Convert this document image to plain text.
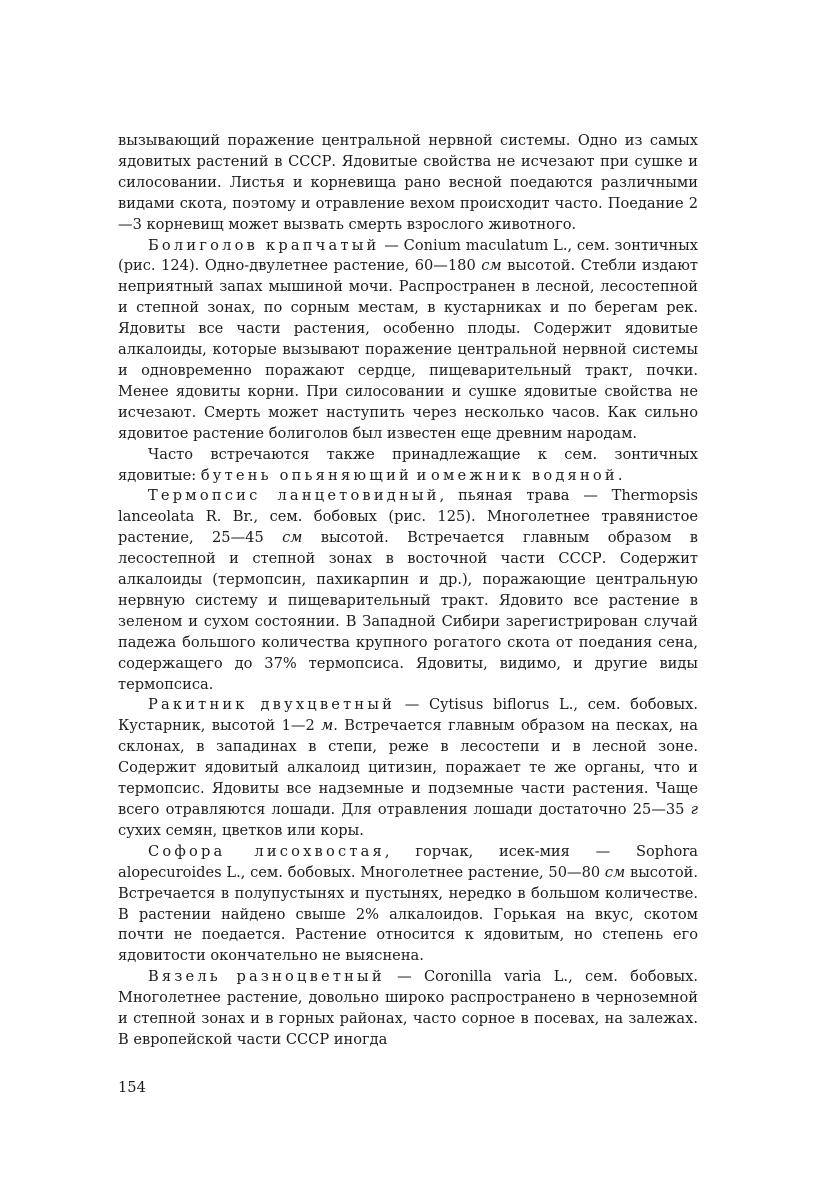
вызывающий поражение центральной нервной системы. Одно из самых ядовитых растений в СССР. Ядовитые свойства не исчезают при сушке и силосовании. Листья и корневища рано весной поедаются различными видами скота, поэтому и отравление вехом происходит часто. Поедание 2—3 корневищ может вызвать смерть взрослого животного.

Болиголов крапчатый — Conium maculatum L., сем. зонтичных (рис. 124). Одно-двулетнее растение, 60—180 см высотой. Стебли издают неприятный запах мышиной мочи. Распространен в лесной, лесостепной и степной зонах, по сорным местам, в кустарниках и по берегам рек. Ядовиты все части растения, особенно плоды. Содержит ядовитые алкалоиды, которые вызывают поражение центральной нервной системы и одновременно поражают сердце, пищеварительный тракт, почки. Менее ядовиты корни. При силосовании и сушке ядовитые свойства не исчезают. Смерть может наступить через несколько часов. Как сильно ядовитое растение болиголов был известен еще древним народам.

Часто встречаются также принадлежащие к сем. зонтичных ядовитые: бутень опьяняющий и омежник водяной.

Термопсис ланцетовидный, пьяная трава — Thermopsis lanceolata R. Br., сем. бобовых (рис. 125). Многолетнее травянистое растение, 25—45 см высотой. Встречается главным образом в лесостепной и степной зонах в восточной части СССР. Содержит алкалоиды (термопсин, пахикарпин и др.), поражающие центральную нервную систему и пищеварительный тракт. Ядовито все растение в зеленом и сухом состоянии. В Западной Сибири зарегистрирован случай падежа большого количества крупного рогатого скота от поедания сена, содержащего до 37% термопсиса. Ядовиты, видимо, и другие виды термопсиса.

Ракитник двухцветный — Cytisus biflorus L., сем. бобовых. Кустарник, высотой 1—2 м. Встречается главным образом на песках, на склонах, в западинах в степи, реже в лесостепи и в лесной зоне. Содержит ядовитый алкалоид цитизин, поражает те же органы, что и термопсис. Ядовиты все надземные и подземные части растения. Чаще всего отравляются лошади. Для отравления лошади достаточно 25—35 г сухих семян, цветков или коры.

Софора лисохвостая, горчак, исек-мия — Sophora alopecuroides L., сем. бобовых. Многолетнее растение, 50—80 см высотой. Встречается в полупустынях и пустынях, нередко в большом количестве. В растении найдено свыше 2% алкалоидов. Горькая на вкус, скотом почти не поедается. Растение относится к ядовитым, но степень его ядовитости окончательно не выяснена.

Вязель разноцветный — Coronilla varia L., сем. бобовых. Многолетнее растение, довольно широко распространено в черноземной и степной зонах и в горных районах, часто сорное в посевах, на залежах. В европейской части СССР иногда

154
